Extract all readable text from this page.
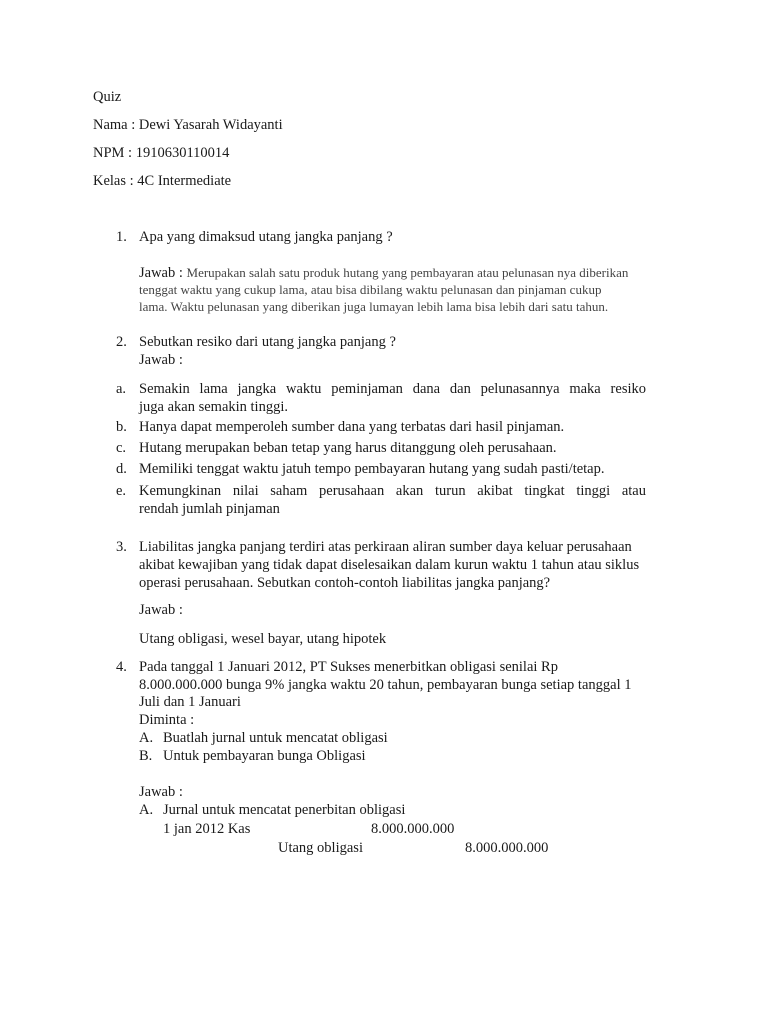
Quiz
Nama : Dewi Yasarah Widayanti
NPM : 1910630110014
Kelas : 4C Intermediate
1. Apa yang dimaksud utang jangka panjang ?
Jawab : Merupakan salah satu produk hutang yang pembayaran atau pelunasan nya diberikan
tenggat waktu yang cukup lama, atau bisa dibilang waktu pelunasan dan pinjaman cukup
lama. Waktu pelunasan yang diberikan juga lumayan lebih lama bisa lebih dari satu tahun.
2. Sebutkan resiko dari utang jangka panjang ?
Jawab :
a. Semakin lama jangka waktu peminjaman dana dan pelunasannya maka resiko
juga akan semakin tinggi.
b. Hanya dapat memperoleh sumber dana yang terbatas dari hasil pinjaman.
c. Hutang merupakan beban tetap yang harus ditanggung oleh perusahaan.
d. Memiliki tenggat waktu jatuh tempo pembayaran hutang yang sudah pasti/tetap.
e. Kemungkinan nilai saham perusahaan akan turun akibat tingkat tinggi atau
rendah jumlah pinjaman
3. Liabilitas jangka panjang terdiri atas perkiraan aliran sumber daya keluar perusahaan
akibat kewajiban yang tidak dapat diselesaikan dalam kurun waktu 1 tahun atau siklus
operasi perusahaan. Sebutkan contoh-contoh liabilitas jangka panjang?
Jawab :
Utang obligasi, wesel bayar, utang hipotek
4. Pada tanggal 1 Januari 2012, PT Sukses menerbitkan obligasi senilai Rp
8.000.000.000 bunga 9% jangka waktu 20 tahun, pembayaran bunga setiap tanggal 1
Juli dan 1 Januari
Diminta :
A. Buatlah jurnal untuk mencatat obligasi
B. Untuk pembayaran bunga Obligasi
Jawab :
A. Jurnal untuk mencatat penerbitan obligasi
1 jan 2012 Kas	8.000.000.000
Utang obligasi	8.000.000.000
